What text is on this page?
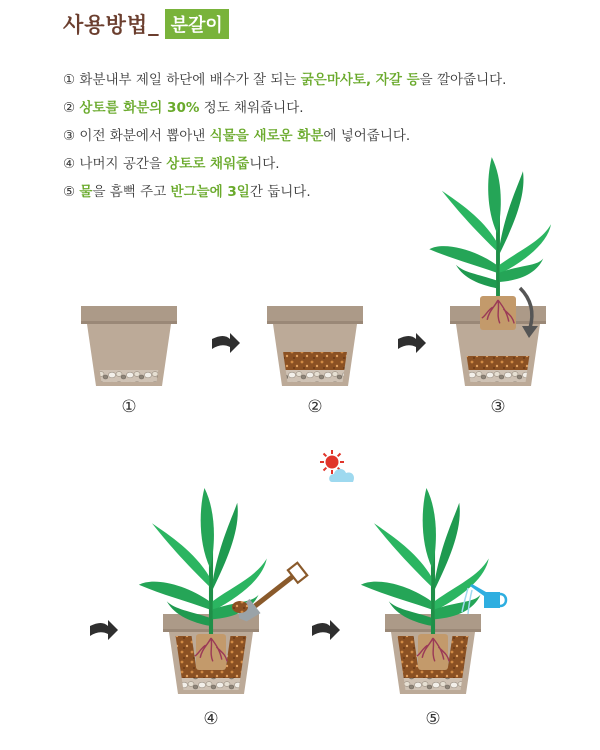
사용방법 _ 분갈이
① 화분내부 제일 하단에 배수가 잘 되는 굵은마사토, 자갈 등을 깔아줍니다.
② 상토를 화분의 30% 정도 채워줍니다.
③ 이전 화분에서 뽑아낸 식물을 새로운 화분에 넣어줍니다.
④ 나머지 공간을 상토로 채워줍니다.
⑤ 물을 흠뻑 주고 반그늘에 3일간 둡니다.
①	②	③
④	⑤
